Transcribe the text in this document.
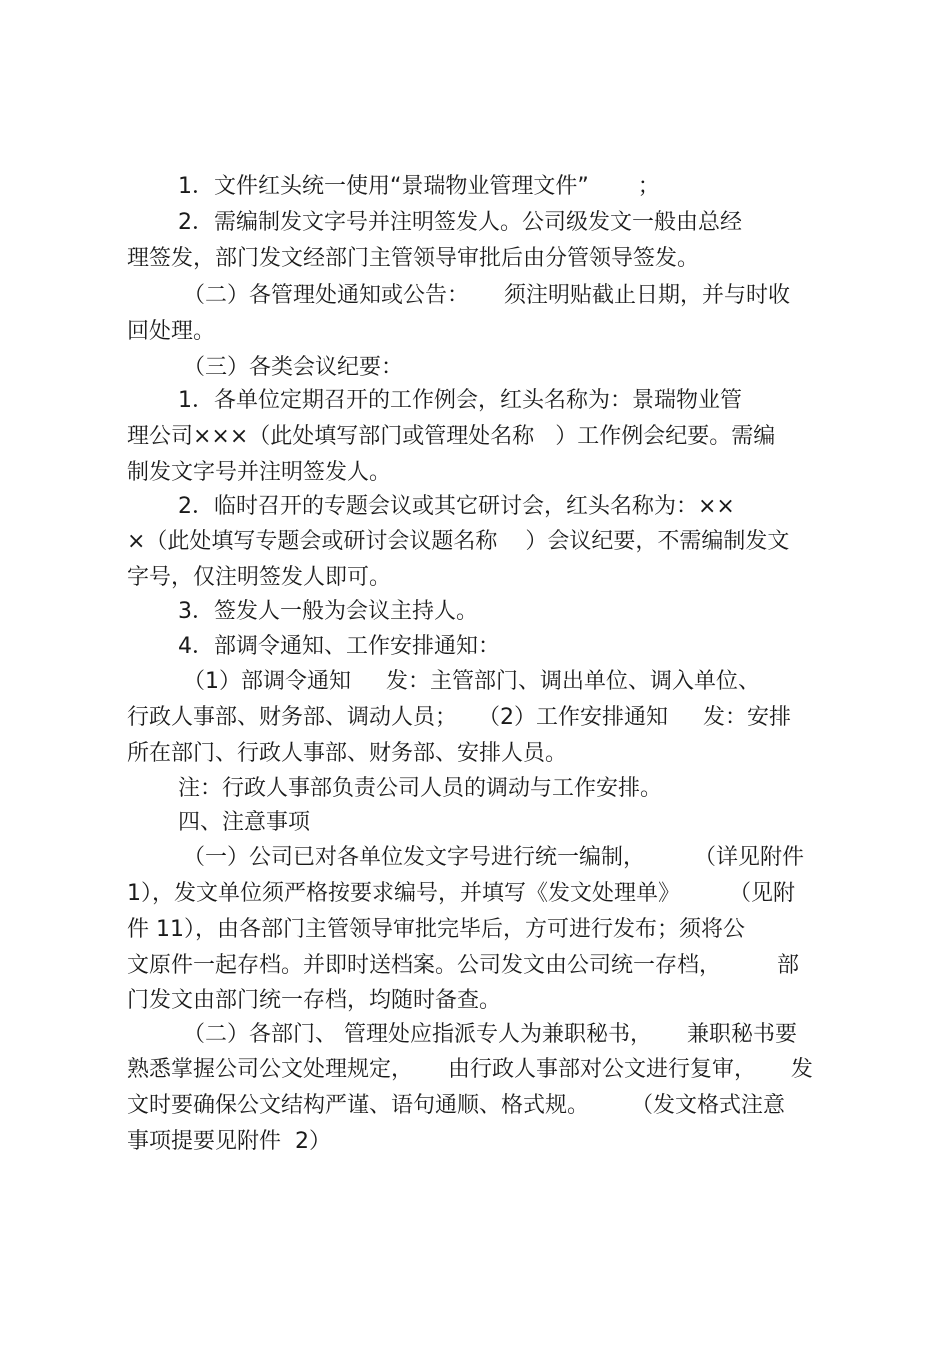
1．文件红头统一使用“景瑞物业管理文件”       ；
2．需编制发文字号并注明签发人。公司级发文一般由总经
理签发，部门发文经部门主管领导审批后由分管领导签发。
（二）各管理处通知或公告：     须注明贴截止日期，并与时收
回处理。
（三）各类会议纪要：
1．各单位定期召开的工作例会，红头名称为：景瑞物业管
理公司×××（此处填写部门或管理处名称   ）工作例会纪要。需编
制发文字号并注明签发人。
2．临时召开的专题会议或其它研讨会，红头名称为：××
×（此处填写专题会或研讨会议题名称    ）会议纪要，不需编制发文
字号，仅注明签发人即可。
3．签发人一般为会议主持人。
4．部调令通知、工作安排通知：
（1）部调令通知     发：主管部门、调出单位、调入单位、
行政人事部、财务部、调动人员；   （2）工作安排通知     发：安排
所在部门、行政人事部、财务部、安排人员。
注：行政人事部负责公司人员的调动与工作安排。
四、注意事项
（一）公司已对各单位发文字号进行统一编制，       （详见附件
1），发文单位须严格按要求编号，并填写《发文处理单》       （见附
件 11），由各部门主管领导审批完毕后，方可进行发布；须将公
文原件一起存档。并即时送档案。公司发文由公司统一存档，        部
门发文由部门统一存档，均随时备查。
（二）各部门、 管理处应指派专人为兼职秘书，     兼职秘书要
熟悉掌握公司公文处理规定，     由行政人事部对公文进行复审，     发
文时要确保公文结构严谨、语句通顺、格式规。      （发文格式注意
事项提要见附件  2）
